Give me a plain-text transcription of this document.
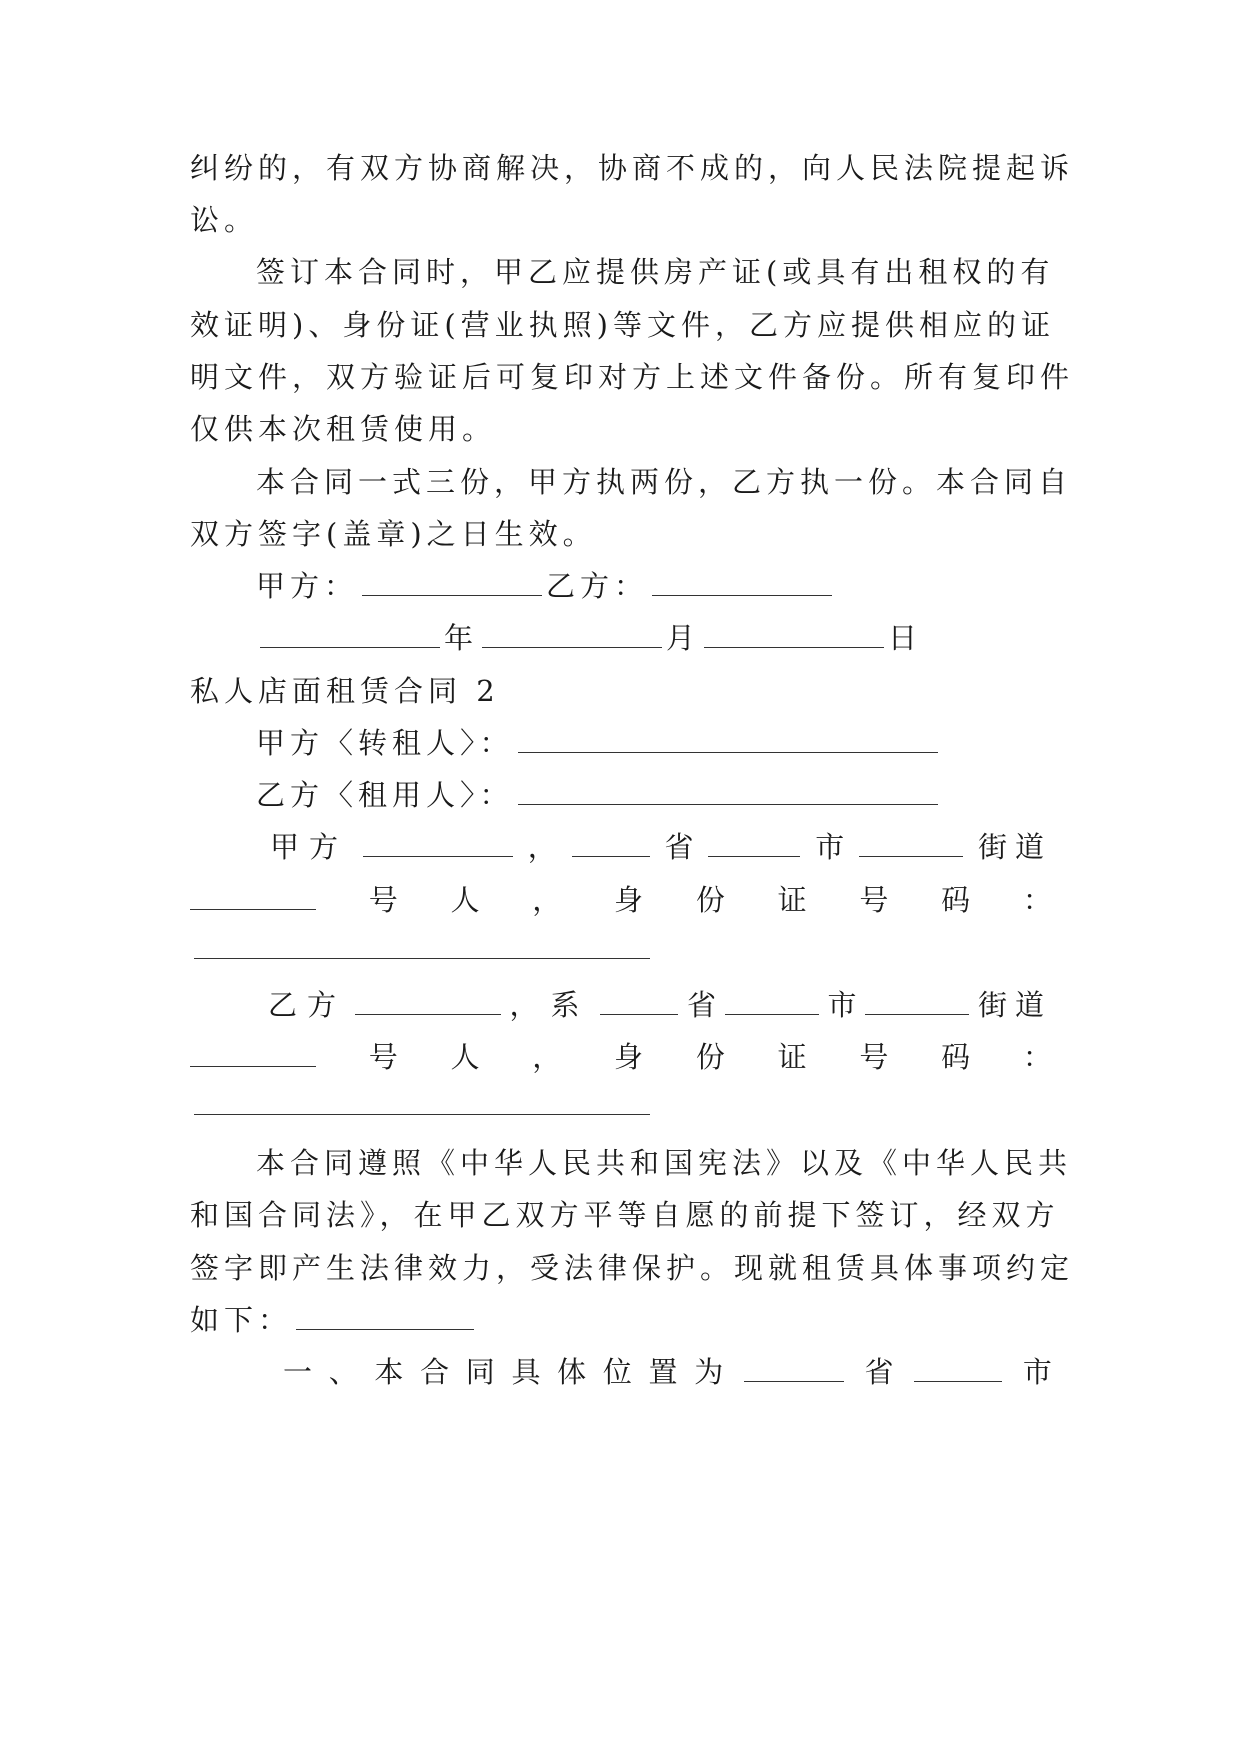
纠纷的，有双方协商解决，协商不成的，向人民法院提起诉
讼。
签订本合同时，甲乙应提供房产证(或具有出租权的有
效证明)、身份证(营业执照)等文件，乙方应提供相应的证
明文件，双方验证后可复印对方上述文件备份。所有复印件
仅供本次租赁使用。
本合同一式三份，甲方执两份，乙方执一份。本合同自
双方签字(盖章)之日生效。
甲方：	乙方：
年	月	日
私人店面租赁合同 2
甲方〈转租人〉：
乙方〈租用人〉：
甲方	，	省	市	街道
号 人 ， 身 份 证 号 码 ：
乙方	，系	省	市	街道
号 人 ， 身 份 证 号 码 ：
本合同遵照《中华人民共和国宪法》以及《中华人民共
和国合同法》，在甲乙双方平等自愿的前提下签订，经双方
签字即产生法律效力，受法律保护。现就租赁具体事项约定
如下：
一 、 本 合 同 具 体 位 置 为	省	市
